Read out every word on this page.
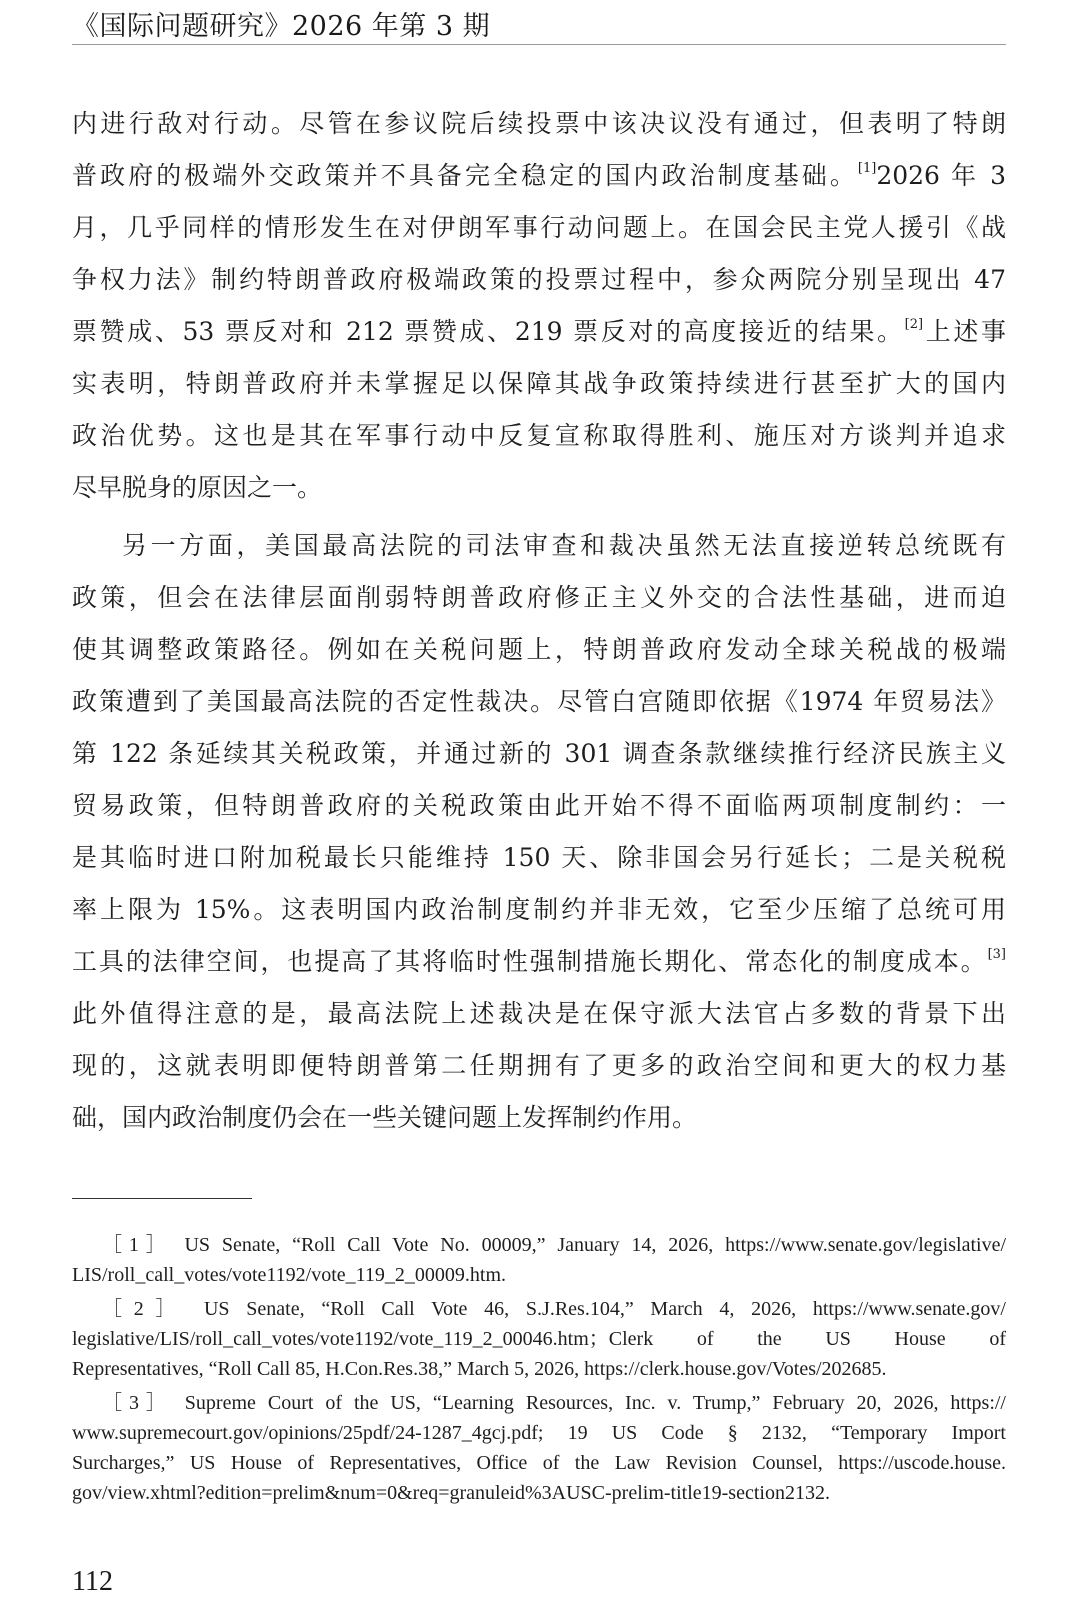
《国际问题研究》2026 年第 3 期
内进行敌对行动。尽管在参议院后续投票中该决议没有通过，但表明了特朗
普政府的极端外交政策并不具备完全稳定的国内政治制度基础。[1]2026 年 3
月，几乎同样的情形发生在对伊朗军事行动问题上。在国会民主党人援引《战
争权力法》制约特朗普政府极端政策的投票过程中，参众两院分别呈现出 47
票赞成、53 票反对和 212 票赞成、219 票反对的高度接近的结果。[2]上述事
实表明，特朗普政府并未掌握足以保障其战争政策持续进行甚至扩大的国内
政治优势。这也是其在军事行动中反复宣称取得胜利、施压对方谈判并追求
尽早脱身的原因之一。
另一方面，美国最高法院的司法审查和裁决虽然无法直接逆转总统既有
政策，但会在法律层面削弱特朗普政府修正主义外交的合法性基础，进而迫
使其调整政策路径。例如在关税问题上，特朗普政府发动全球关税战的极端
政策遭到了美国最高法院的否定性裁决。尽管白宫随即依据《1974 年贸易法》
第 122 条延续其关税政策，并通过新的 301 调查条款继续推行经济民族主义
贸易政策，但特朗普政府的关税政策由此开始不得不面临两项制度制约：一
是其临时进口附加税最长只能维持 150 天、除非国会另行延长；二是关税税
率上限为 15%。这表明国内政治制度制约并非无效，它至少压缩了总统可用
工具的法律空间，也提高了其将临时性强制措施长期化、常态化的制度成本。[3]
此外值得注意的是，最高法院上述裁决是在保守派大法官占多数的背景下出
现的，这就表明即便特朗普第二任期拥有了更多的政治空间和更大的权力基
础，国内政治制度仍会在一些关键问题上发挥制约作用。
［1］ US Senate, “Roll Call Vote No. 00009,” January 14, 2026, https://www.senate.gov/legislative/
LIS/roll_call_votes/vote1192/vote_119_2_00009.htm.
［2］ US Senate, “Roll Call Vote 46, S.J.Res.104,” March 4, 2026, https://www.senate.gov/
legislative/LIS/roll_call_votes/vote1192/vote_119_2_00046.htm；Clerk of the US House of
Representatives, “Roll Call 85, H.Con.Res.38,” March 5, 2026, https://clerk.house.gov/Votes/202685.
［3］ Supreme Court of the US, “Learning Resources, Inc. v. Trump,” February 20, 2026, https://
www.supremecourt.gov/opinions/25pdf/24-1287_4gcj.pdf; 19 US Code § 2132, “Temporary Import
Surcharges,” US House of Representatives, Office of the Law Revision Counsel, https://uscode.house.
gov/view.xhtml?edition=prelim&num=0&req=granuleid%3AUSC-prelim-title19-section2132.
112
